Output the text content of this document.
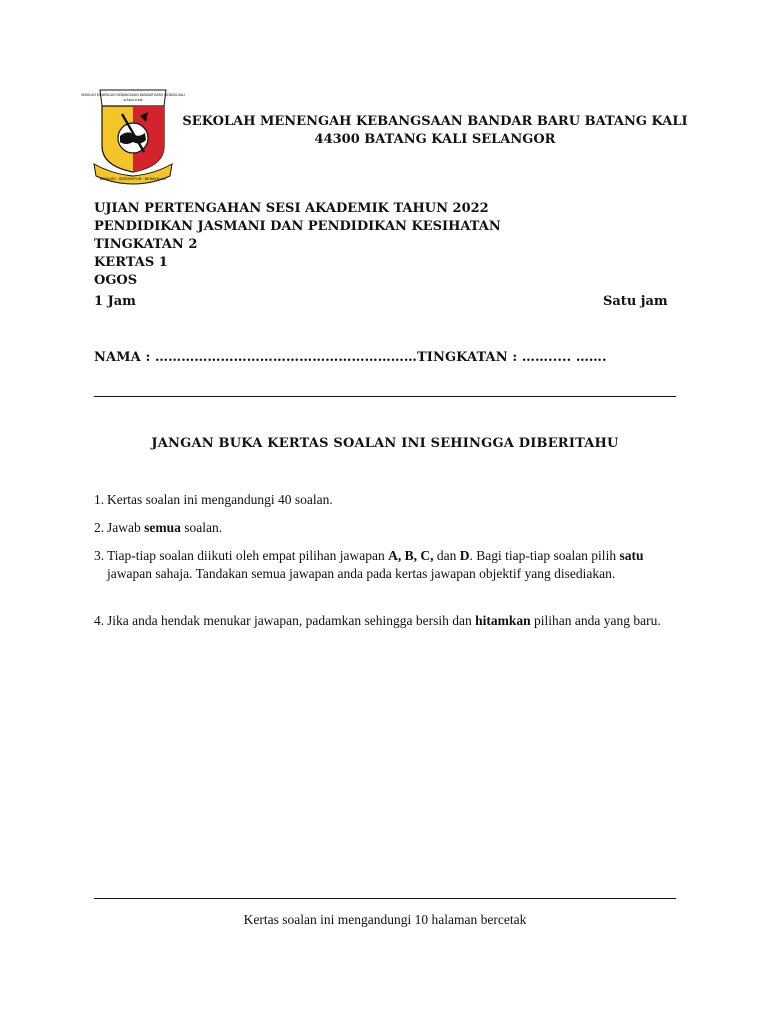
BERILMU · BERDISIPLIN · BERAKHLAK
SEKOLAH MENENGAH KEBANGSAAN BANDAR BARU BATANG KALI
school-crest
SEKOLAH MENENGAH KEBANGSAAN BANDAR BARU BATANG KALI
44300 BATANG KALI SELANGOR
UJIAN PERTENGAHAN SESI AKADEMIK TAHUN 2022
PENDIDIKAN JASMANI DAN PENDIDIKAN KESIHATAN
TINGKATAN 2
KERTAS 1
OGOS
1 Jam	Satu jam
NAMA : ……………………………………………………TINGKATAN : ……..... …….
JANGAN BUKA KERTAS SOALAN INI SEHINGGA DIBERITAHU
1. Kertas soalan ini mengandungi 40 soalan.
2. Jawab semua soalan.
3. Tiap-tiap soalan diikuti oleh empat pilihan jawapan A, B, C, dan D. Bagi tiap-tiap soalan pilih satu jawapan sahaja. Tandakan semua jawapan anda pada kertas jawapan objektif yang disediakan.
4. Jika anda hendak menukar jawapan, padamkan sehingga bersih dan hitamkan pilihan anda yang baru.
Kertas soalan ini mengandungi 10 halaman bercetak
